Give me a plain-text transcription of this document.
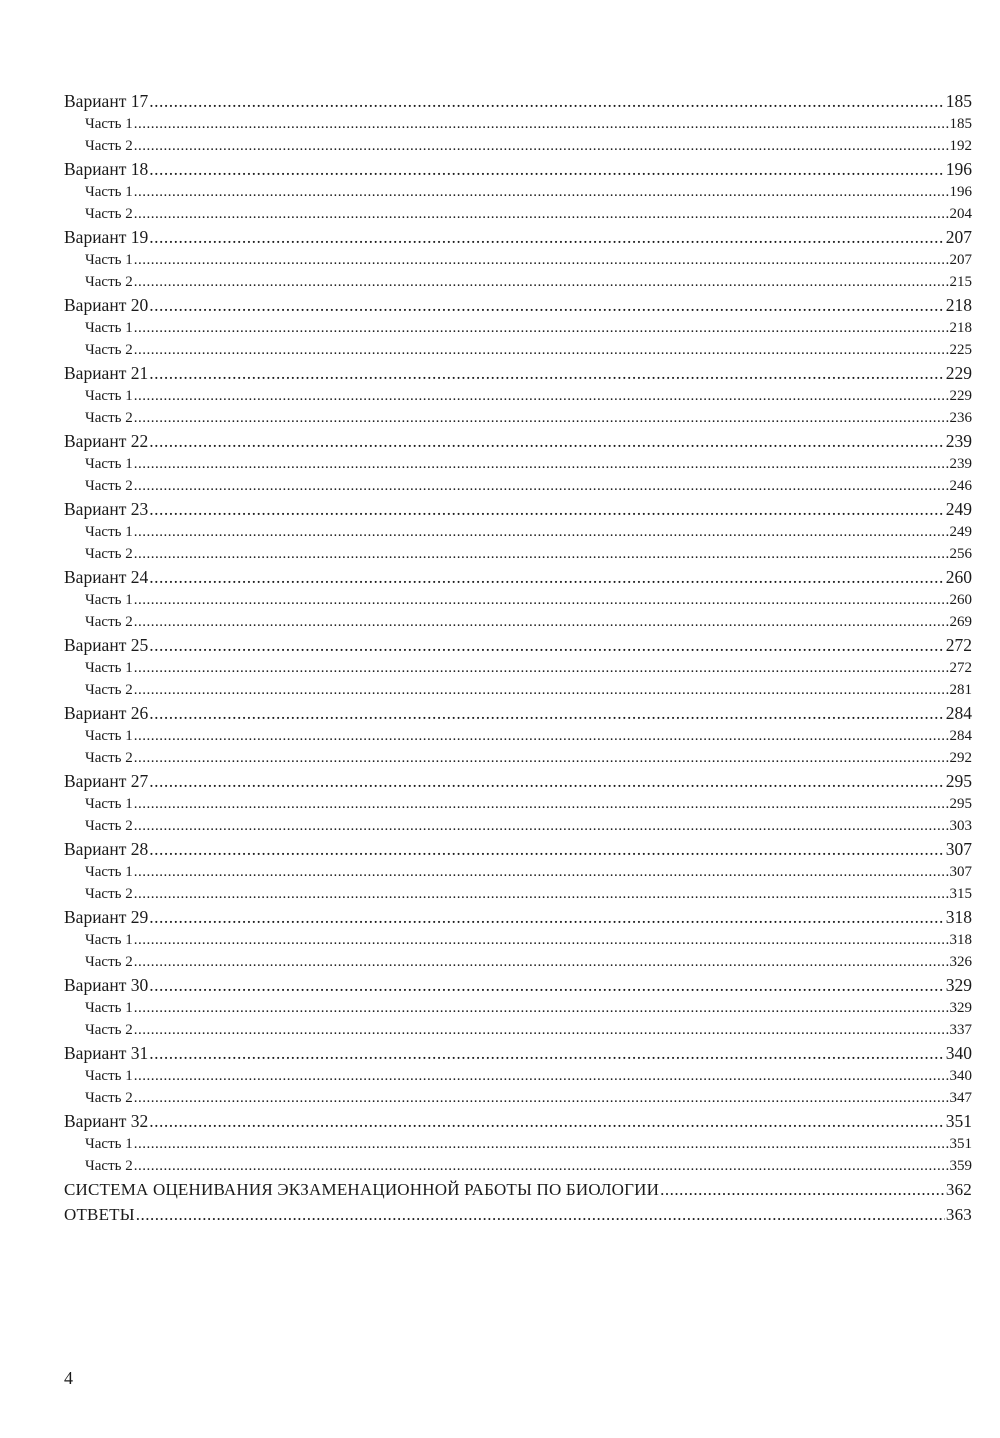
Вариант 17 .....	185
Часть 1 .....	185
Часть 2 .....	192
Вариант 18 .....	196
Часть 1 .....	196
Часть 2 .....	204
Вариант 19 .....	207
Часть 1 .....	207
Часть 2 .....	215
Вариант 20 .....	218
Часть 1 .....	218
Часть 2 .....	225
Вариант 21 .....	229
Часть 1 .....	229
Часть 2 .....	236
Вариант 22 .....	239
Часть 1 .....	239
Часть 2 .....	246
Вариант 23 .....	249
Часть 1 .....	249
Часть 2 .....	256
Вариант 24 .....	260
Часть 1 .....	260
Часть 2 .....	269
Вариант 25 .....	272
Часть 1 .....	272
Часть 2 .....	281
Вариант 26 .....	284
Часть 1 .....	284
Часть 2 .....	292
Вариант 27 .....	295
Часть 1 .....	295
Часть 2 .....	303
Вариант 28 .....	307
Часть 1 .....	307
Часть 2 .....	315
Вариант 29 .....	318
Часть 1 .....	318
Часть 2 .....	326
Вариант 30 .....	329
Часть 1 .....	329
Часть 2 .....	337
Вариант 31 .....	340
Часть 1 .....	340
Часть 2 .....	347
Вариант 32 .....	351
Часть 1 .....	351
Часть 2 .....	359
СИСТЕМА ОЦЕНИВАНИЯ ЭКЗАМЕНАЦИОННОЙ РАБОТЫ ПО БИОЛОГИИ .....	362
ОТВЕТЫ .....	363
4
